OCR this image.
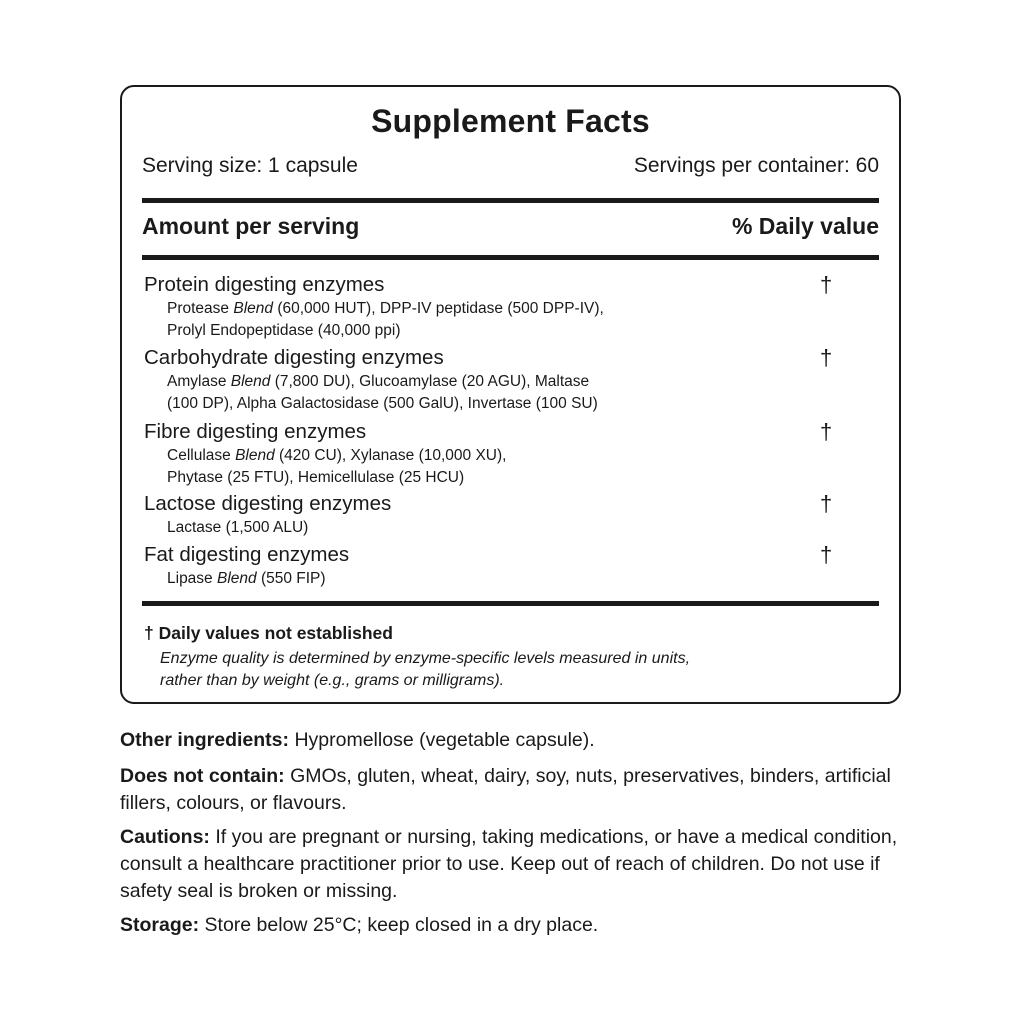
Supplement Facts
Serving size: 1 capsule	Servings per container: 60
Amount per serving	% Daily value
Protein digesting enzymes	†
Protease Blend (60,000 HUT), DPP-IV peptidase (500 DPP-IV),
Prolyl Endopeptidase (40,000 ppi)
Carbohydrate digesting enzymes	†
Amylase Blend (7,800 DU), Glucoamylase (20 AGU), Maltase
(100 DP), Alpha Galactosidase (500 GalU), Invertase (100 SU)
Fibre digesting enzymes	†
Cellulase Blend (420 CU), Xylanase (10,000 XU),
Phytase (25 FTU), Hemicellulase (25 HCU)
Lactose digesting enzymes	†
Lactase (1,500 ALU)
Fat digesting enzymes	†
Lipase Blend (550 FIP)
† Daily values not established
Enzyme quality is determined by enzyme-specific levels measured in units, rather than by weight (e.g., grams or milligrams).
Other ingredients: Hypromellose (vegetable capsule).
Does not contain: GMOs, gluten, wheat, dairy, soy, nuts, preservatives, binders, artificial fillers, colours, or flavours.
Cautions: If you are pregnant or nursing, taking medications, or have a medical condition, consult a healthcare practitioner prior to use. Keep out of reach of children. Do not use if safety seal is broken or missing.
Storage: Store below 25°C; keep closed in a dry place.
